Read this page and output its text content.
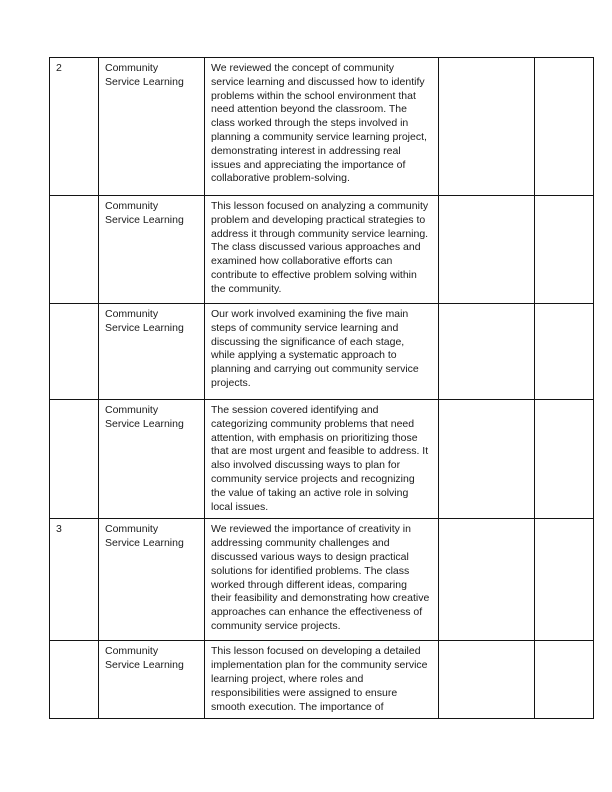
2	Community Service Learning	We reviewed the concept of community service learning and discussed how to identify problems within the school environment that need attention beyond the classroom. The class worked through the steps involved in planning a community service learning project, demonstrating interest in addressing real issues and appreciating the importance of collaborative problem-solving.		
	Community Service Learning	This lesson focused on analyzing a community problem and developing practical strategies to address it through community service learning. The class discussed various approaches and examined how collaborative efforts can contribute to effective problem solving within the community.		
	Community Service Learning	Our work involved examining the five main steps of community service learning and discussing the significance of each stage, while applying a systematic approach to planning and carrying out community service projects.		
	Community Service Learning	The session covered identifying and categorizing community problems that need attention, with emphasis on prioritizing those that are most urgent and feasible to address. It also involved discussing ways to plan for community service projects and recognizing the value of taking an active role in solving local issues.		
3	Community Service Learning	We reviewed the importance of creativity in addressing community challenges and discussed various ways to design practical solutions for identified problems. The class worked through different ideas, comparing their feasibility and demonstrating how creative approaches can enhance the effectiveness of community service projects.		
	Community Service Learning	This lesson focused on developing a detailed implementation plan for the community service learning project, where roles and responsibilities were assigned to ensure smooth execution. The importance of		
